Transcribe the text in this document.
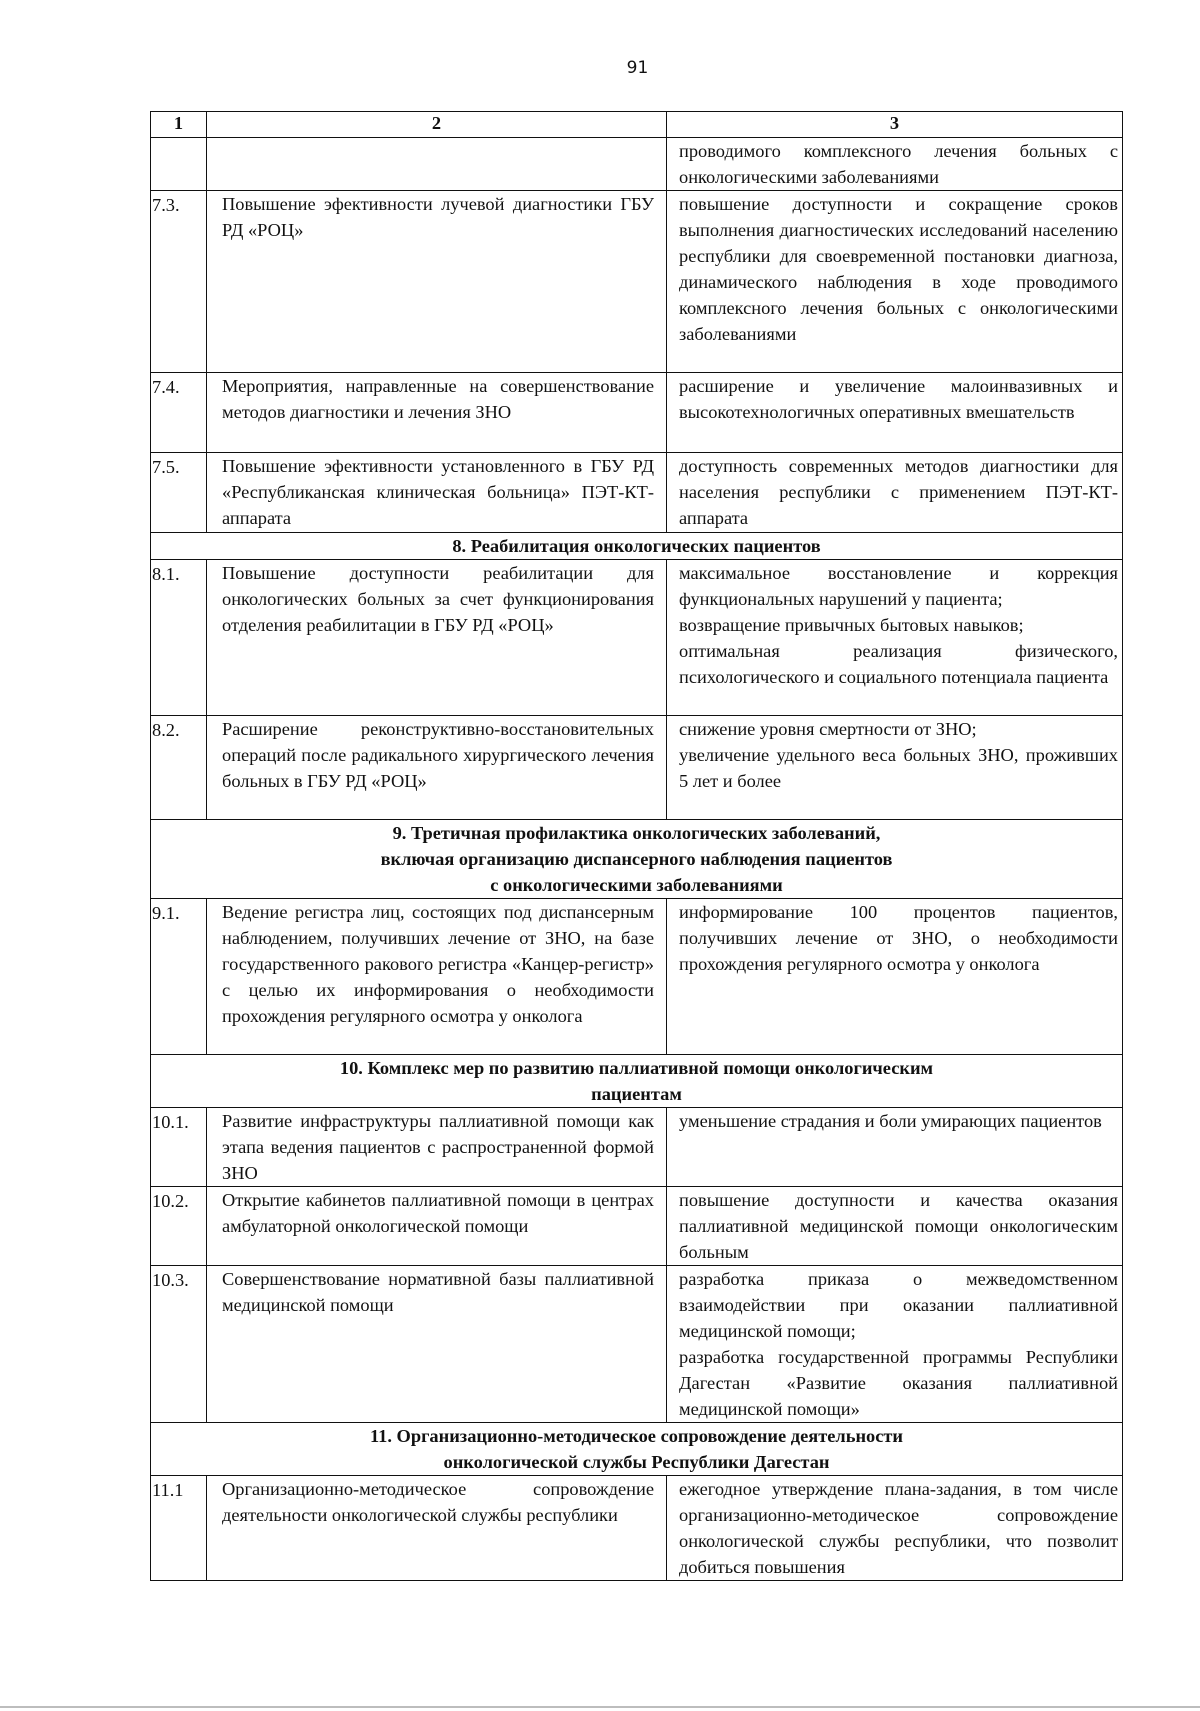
91
1	2	3
		проводимого комплексного лечения больных с онкологическими заболеваниями
7.3.	Повышение эфективности лучевой диагностики ГБУ РД «РОЦ»	повышение доступности и сокращение сроков выполнения диагностических исследований населению республики для своевременной постановки диагноза, динамического наблюдения в ходе проводимого комплексного лечения больных с онкологическими заболеваниями
7.4.	Мероприятия, направленные на совершенствование методов диагностики и лечения ЗНО	расширение и увеличение малоинвазивных и высокотехнологичных оперативных вмешательств
7.5.	Повышение эфективности установленного в ГБУ РД «Республиканская клиническая больница» ПЭТ-КТ-аппарата	доступность современных методов диагностики для населения республики с применением ПЭТ-КТ-аппарата

8. Реабилитация онкологических пациентов		

8.1.	Повышение доступности реабилитации для онкологических больных за счет функционирования отделения реабилитации в ГБУ РД «РОЦ»	максимальное восстановление и коррекция функциональных нарушений у пациента;
возвращение привычных бытовых навыков;
оптимальная реализация физического, психологического и социального потенциала пациента

8.2.	Расширение реконструктивно-восстановительных операций после радикального хирургического лечения больных в ГБУ РД «РОЦ»	снижение уровня смертности от ЗНО;
увеличение удельного веса больных ЗНО, проживших 5 лет и более

9. Третичная профилактика онкологических заболеваний,
включая организацию диспансерного наблюдения пациентов
с онкологическими заболеваниями		

9.1.	Ведение регистра лиц, состоящих под диспансерным наблюдением, получивших лечение от ЗНО, на базе государственного ракового регистра «Канцер-регистр» с целью их информирования о необходимости прохождения регулярного осмотра у онколога	информирование 100 процентов пациентов, получивших лечение от ЗНО, о необходимости прохождения регулярного осмотра у онколога

10. Комплекс мер по развитию паллиативной помощи онкологическим
пациентам		

10.1.	Развитие инфраструктуры паллиативной помощи как этапа ведения пациентов с распространенной формой ЗНО	уменьшение страдания и боли умирающих пациентов
10.2.	Открытие кабинетов паллиативной помощи в центрах амбулаторной онкологической помощи	повышение доступности и качества оказания паллиативной медицинской помощи онкологическим больным
10.3.	Совершенствование нормативной базы паллиативной медицинской помощи	разработка приказа о межведомственном взаимодействии при оказании паллиативной медицинской помощи;
разработка государственной программы Республики Дагестан «Развитие оказания паллиативной медицинской помощи»

11. Организационно-методическое сопровождение деятельности
онкологической службы Республики Дагестан		

11.1	Организационно-методическое сопровождение деятельности онкологической службы республики	ежегодное утверждение плана-задания, в том числе организационно-методическое сопровождение онкологической службы республики, что позволит добиться повышения
